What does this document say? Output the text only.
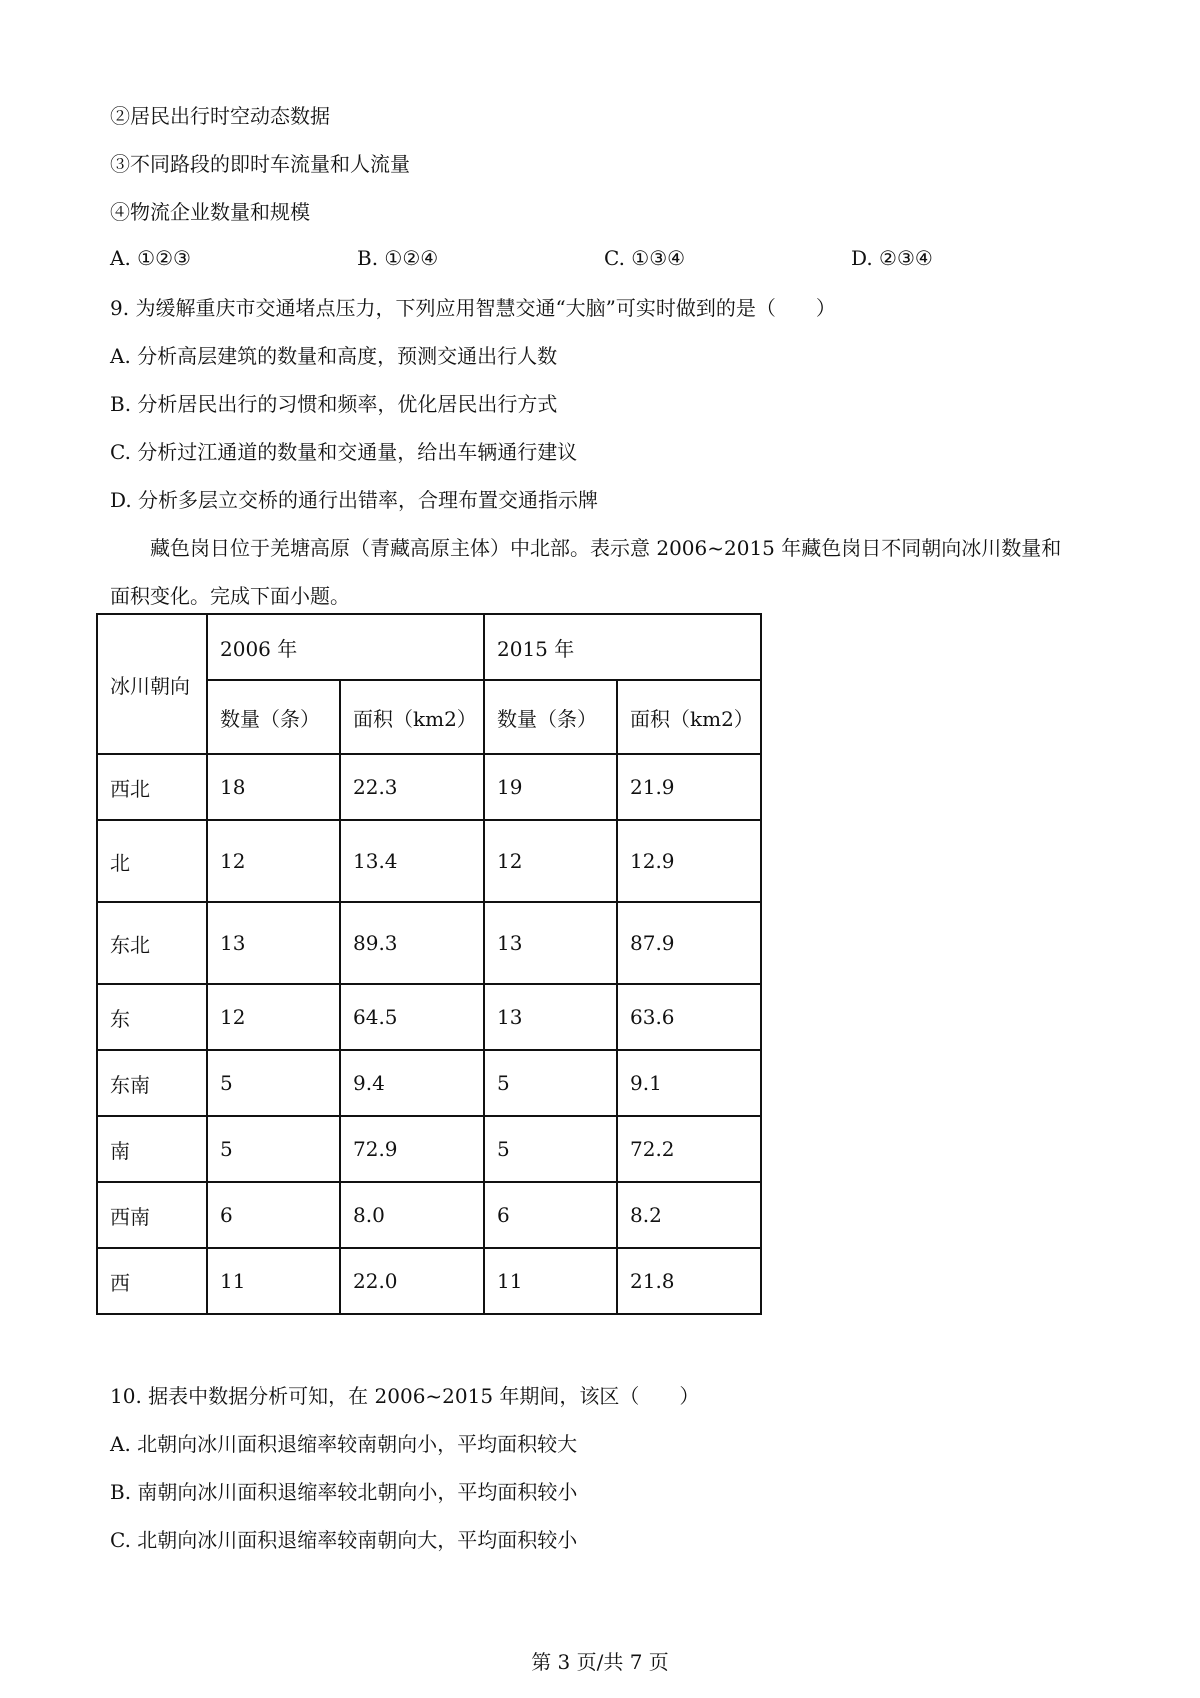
②居民出行时空动态数据
③不同路段的即时车流量和人流量
④物流企业数量和规模
A. ①②③	B. ①②④	C. ①③④	D. ②③④
9. 为缓解重庆市交通堵点压力，下列应用智慧交通“大脑”可实时做到的是（　　）
A. 分析高层建筑的数量和高度，预测交通出行人数
B. 分析居民出行的习惯和频率，优化居民出行方式
C. 分析过江通道的数量和交通量，给出车辆通行建议
D. 分析多层立交桥的通行出错率，合理布置交通指示牌
藏色岗日位于羌塘高原（青藏高原主体）中北部。表示意 2006~2015 年藏色岗日不同朝向冰川数量和
面积变化。完成下面小题。
冰川朝向	2006 年		2015 年	
	数量（条）	面积（km2）	数量（条）	面积（km2）
西北	18	22.3	19	21.9
北	12	13.4	12	12.9
东北	13	89.3	13	87.9
东	12	64.5	13	63.6
东南	5	9.4	5	9.1
南	5	72.9	5	72.2
西南	6	8.0	6	8.2
西	11	22.0	11	21.8
10. 据表中数据分析可知，在 2006~2015 年期间，该区（　　）
A. 北朝向冰川面积退缩率较南朝向小，平均面积较大
B. 南朝向冰川面积退缩率较北朝向小，平均面积较小
C. 北朝向冰川面积退缩率较南朝向大，平均面积较小
第 3 页/共 7 页
